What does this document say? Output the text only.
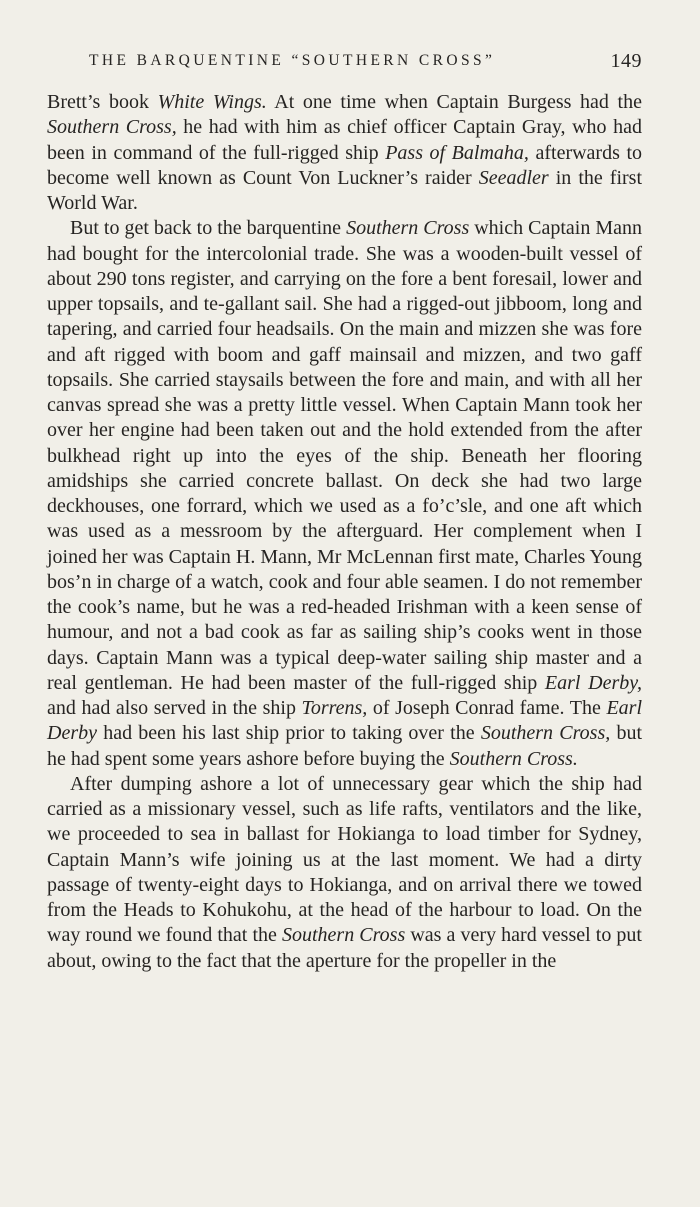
THE BARQUENTINE “SOUTHERN CROSS”	149

Brett’s book White Wings. At one time when Captain Burgess had the Southern Cross, he had with him as chief officer Captain Gray, who had been in command of the full-rigged ship Pass of Balmaha, afterwards to become well known as Count Von Luckner’s raider Seeadler in the first World War.

But to get back to the barquentine Southern Cross which Captain Mann had bought for the intercolonial trade. She was a wooden-built vessel of about 290 tons register, and carrying on the fore a bent foresail, lower and upper topsails, and te-gallant sail. She had a rigged-out jibboom, long and tapering, and carried four headsails. On the main and mizzen she was fore and aft rigged with boom and gaff mainsail and mizzen, and two gaff topsails. She carried staysails between the fore and main, and with all her canvas spread she was a pretty little vessel. When Captain Mann took her over her engine had been taken out and the hold extended from the after bulkhead right up into the eyes of the ship. Beneath her flooring amidships she carried concrete ballast. On deck she had two large deckhouses, one forrard, which we used as a fo’c’sle, and one aft which was used as a messroom by the afterguard. Her complement when I joined her was Captain H. Mann, Mr McLennan first mate, Charles Young bos’n in charge of a watch, cook and four able seamen. I do not remember the cook’s name, but he was a red-headed Irishman with a keen sense of humour, and not a bad cook as far as sailing ship’s cooks went in those days. Captain Mann was a typical deep-water sailing ship master and a real gentleman. He had been master of the full-rigged ship Earl Derby, and had also served in the ship Torrens, of Joseph Conrad fame. The Earl Derby had been his last ship prior to taking over the Southern Cross, but he had spent some years ashore before buying the Southern Cross.

After dumping ashore a lot of unnecessary gear which the ship had carried as a missionary vessel, such as life rafts, ventilators and the like, we proceeded to sea in ballast for Hokianga to load timber for Sydney, Captain Mann’s wife joining us at the last moment. We had a dirty passage of twenty-eight days to Hokianga, and on arrival there we towed from the Heads to Kohukohu, at the head of the harbour to load. On the way round we found that the Southern Cross was a very hard vessel to put about, owing to the fact that the aperture for the propeller in the
